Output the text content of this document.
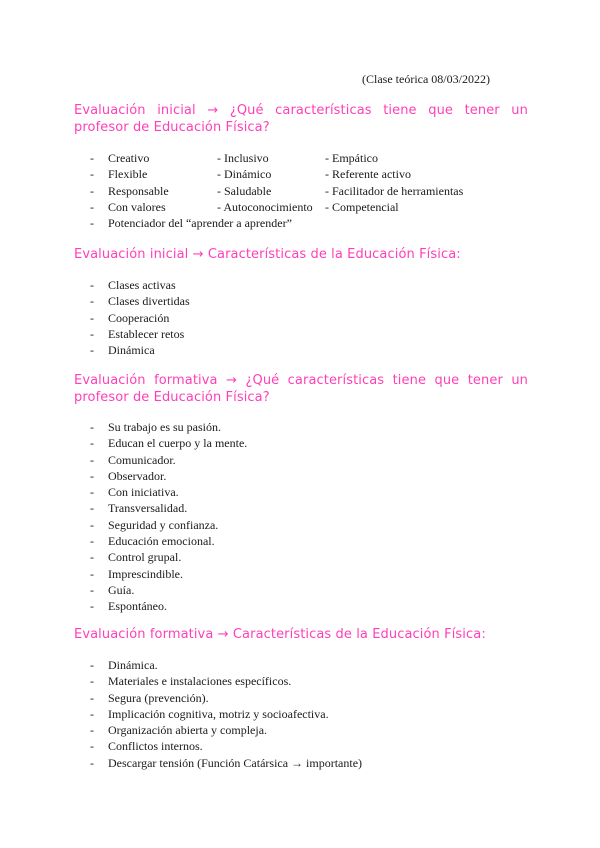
(Clase teórica 08/03/2022)
Evaluación inicial → ¿Qué características tiene que tener un profesor de Educación Física?
- Creativo	- Inclusivo	- Empático
- Flexible	- Dinámico	- Referente activo
- Responsable	- Saludable	- Facilitador de herramientas
- Con valores	- Autoconocimiento - Competencial
- Potenciador del “aprender a aprender”
Evaluación inicial → Características de la Educación Física:
- Clases activas
- Clases divertidas
- Cooperación
- Establecer retos
- Dinámica
Evaluación formativa → ¿Qué características tiene que tener un profesor de Educación Física?
- Su trabajo es su pasión.
- Educan el cuerpo y la mente.
- Comunicador.
- Observador.
- Con iniciativa.
- Transversalidad.
- Seguridad y confianza.
- Educación emocional.
- Control grupal.
- Imprescindible.
- Guía.
- Espontáneo.
Evaluación formativa → Características de la Educación Física:
- Dinámica.
- Materiales e instalaciones específicos.
- Segura (prevención).
- Implicación cognitiva, motriz y socioafectiva.
- Organización abierta y compleja.
- Conflictos internos.
- Descargar tensión (Función Catársica → importante)
